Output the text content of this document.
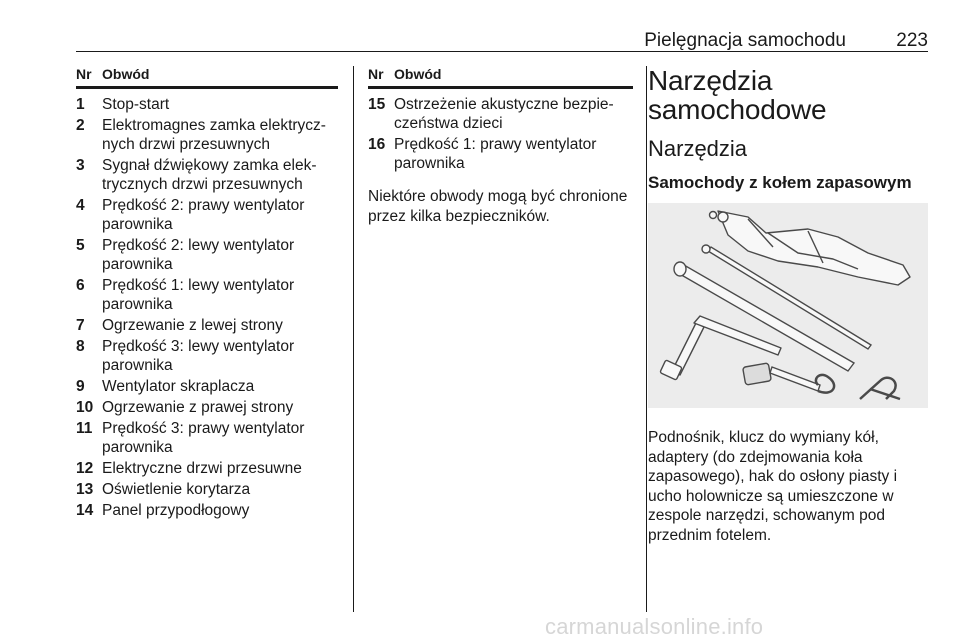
Pielęgnacja samochodu	223
Nr Obwód
1	Stop-start
2	Elektromagnes zamka elektrycz-
nych drzwi przesuwnych
3	Sygnał dźwiękowy zamka elek-
trycznych drzwi przesuwnych
4	Prędkość 2: prawy wentylator
parownika
5	Prędkość 2: lewy wentylator
parownika
6	Prędkość 1: lewy wentylator
parownika
7	Ogrzewanie z lewej strony
8	Prędkość 3: lewy wentylator
parownika
9	Wentylator skraplacza
10 Ogrzewanie z prawej strony
11 Prędkość 3: prawy wentylator
parownika
12 Elektryczne drzwi przesuwne
13 Oświetlenie korytarza
14 Panel przypodłogowy
Nr Obwód
15 Ostrzeżenie akustyczne bezpie-
czeństwa dzieci
16 Prędkość 1: prawy wentylator
parownika
Niektóre obwody mogą być chronione
przez kilka bezpieczników.
Narzędzia
samochodowe
Narzędzia
Samochody z kołem zapasowym
Podnośnik, klucz do wymiany kół,
adaptery (do zdejmowania koła
zapasowego), hak do osłony piasty i
ucho holownicze są umieszczone w
zespole narzędzi, schowanym pod
przednim fotelem.
carmanualsonline.info
